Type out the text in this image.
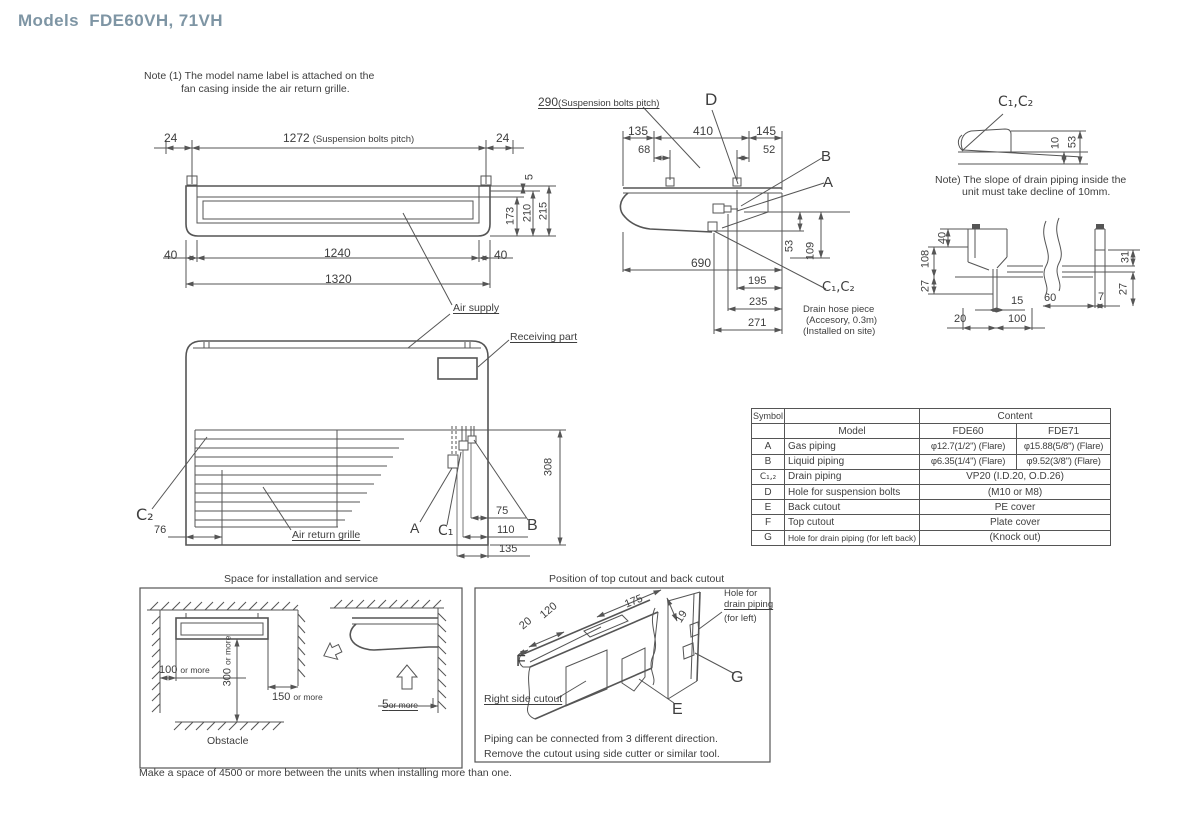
Models  FDE60VH, 71VH
Note (1) The model name label is attached on the
fan casing inside the air return grille.
24	1272 (Suspension bolts pitch)	24
5
173 210 215
40	1240	40
1320
Air supply
290(Suspension bolts pitch)	D
135	410	145
68	52	B
A
690
53 109
195
235
271
C₁,C₂
Drain hose piece
(Accesory, 0.3m)
(Installed on site)
C₁,C₂
10 53
Note) The slope of drain piping inside the
unit must take decline of 10mm.
40
108
27
20
15
100
60	7
27
31
Receiving part
C₂
76	Air return grille	A C₁	B
308
75
110
135
Space for installation and service
100 or more 300 or more
150 or more	5or more
Obstacle
Make a space of 4500 or more between the units when installing more than one.
Position of top cutout and back cutout
Hole for
drain piping
(for left)
175
19
120
20
F
Right side cutout
E
G
Piping can be connected from 3 different direction.
Remove the cutout using side cutter or similar tool.
Symbol		Content	
	Model	FDE60	FDE71
A	Gas piping	φ12.7(1/2") (Flare)	φ15.88(5/8") (Flare)
B	Liquid piping	φ6.35(1/4") (Flare)	φ9.52(3/8") (Flare)
C₁,₂	Drain piping	VP20 (I.D.20, O.D.26)	
D	Hole for suspension bolts	(M10 or M8)	
E	Back cutout	PE cover	
F	Top cutout	Plate cover	
G	Hole for drain piping (for left back)	(Knock out)	
